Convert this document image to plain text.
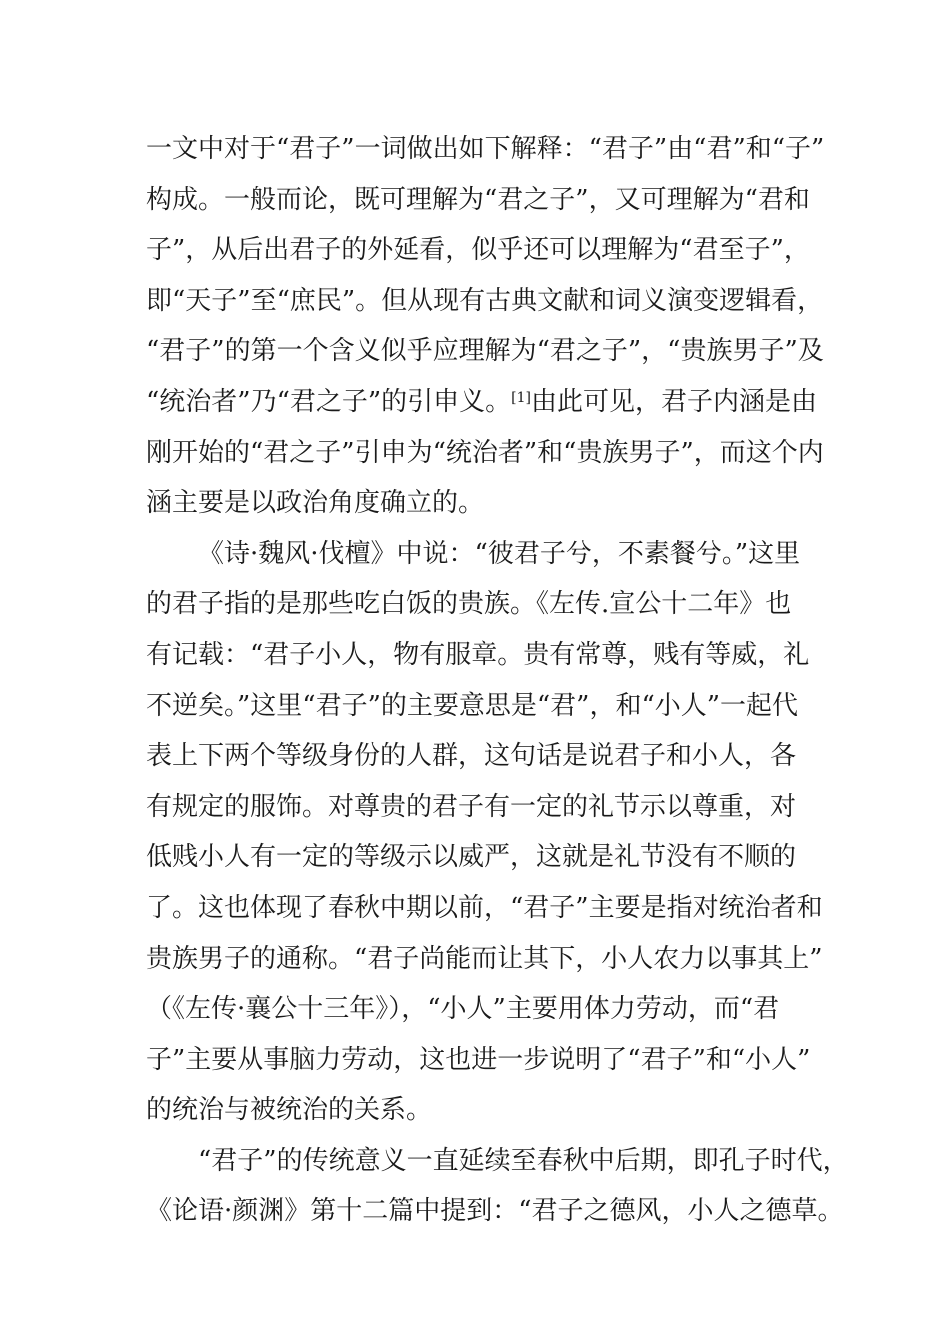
一文中对于“君子”一词做出如下解释：“君子”由“君”和“子”
构成。一般而论，既可理解为“君之子”，又可理解为“君和
子”，从后出君子的外延看，似乎还可以理解为“君至子”，
即“天子”至“庶民”。但从现有古典文献和词义演变逻辑看，
“君子”的第一个含义似乎应理解为“君之子”，“贵族男子”及
“统治者”乃“君之子”的引申义。[1]由此可见，君子内涵是由
刚开始的“君之子”引申为“统治者”和“贵族男子”，而这个内
涵主要是以政治角度确立的。
《诗·魏风·伐檀》中说：“彼君子兮，不素餐兮。”这里
的君子指的是那些吃白饭的贵族。《左传.宣公十二年》也
有记载：“君子小人，物有服章。贵有常尊，贱有等威，礼
不逆矣。”这里“君子”的主要意思是“君”，和“小人”一起代
表上下两个等级身份的人群，这句话是说君子和小人，各
有规定的服饰。对尊贵的君子有一定的礼节示以尊重，对
低贱小人有一定的等级示以威严，这就是礼节没有不顺的
了。这也体现了春秋中期以前，“君子”主要是指对统治者和
贵族男子的通称。“君子尚能而让其下，小人农力以事其上”
（《左传·襄公十三年》），“小人”主要用体力劳动，而“君
子”主要从事脑力劳动，这也进一步说明了“君子”和“小人”
的统治与被统治的关系。
“君子”的传统意义一直延续至春秋中后期，即孔子时代，
《论语·颜渊》第十二篇中提到：“君子之德风，小人之德草。
